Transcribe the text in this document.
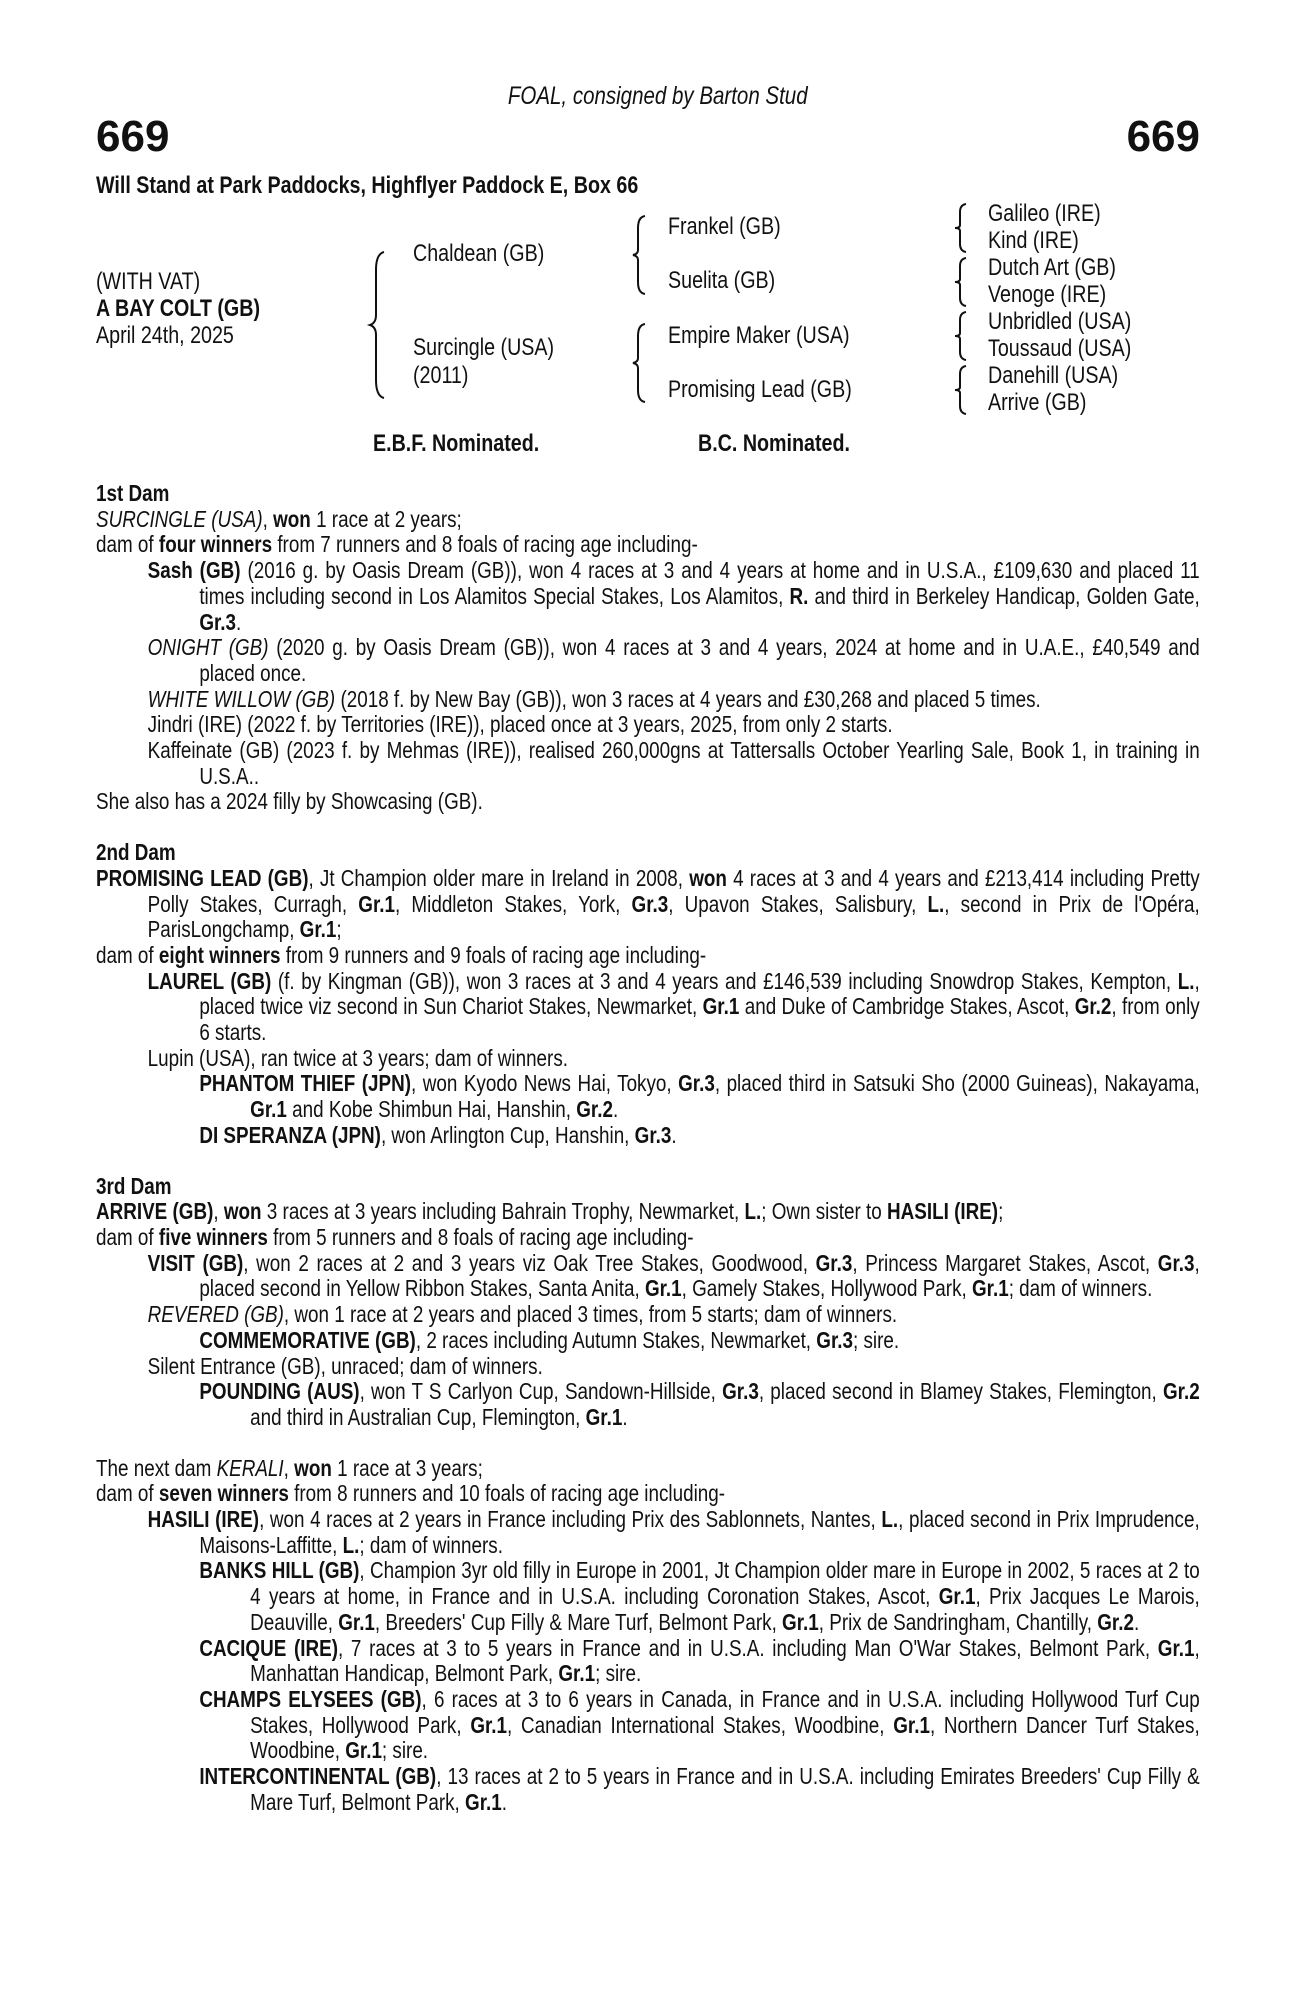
FOAL, consigned by Barton Stud
669	669
Will Stand at Park Paddocks, Highflyer Paddock E, Box 66
(WITH VAT)
A BAY COLT (GB)
April 24th, 2025
Chaldean (GB)
Surcingle (USA)
(2011)
Frankel (GB)
Suelita (GB)
Empire Maker (USA)
Promising Lead (GB)
Galileo (IRE)
Kind (IRE)
Dutch Art (GB)
Venoge (IRE)
Unbridled (USA)
Toussaud (USA)
Danehill (USA)
Arrive (GB)
E.B.F. Nominated.	B.C. Nominated.
1st Dam

SURCINGLE (USA), won 1 race at 2 years;

dam of four winners from 7 runners and 8 foals of racing age including-

Sash (GB) (2016 g. by Oasis Dream (GB)), won 4 races at 3 and 4 years at home and in U.S.A., £109,630 and placed 11 times including second in Los Alamitos Special Stakes, Los Alamitos, R. and third in Berkeley Handicap, Golden Gate, Gr.3.

ONIGHT (GB) (2020 g. by Oasis Dream (GB)), won 4 races at 3 and 4 years, 2024 at home and in U.A.E., £40,549 and placed once.

WHITE WILLOW (GB) (2018 f. by New Bay (GB)), won 3 races at 4 years and £30,268 and placed 5 times.

Jindri (IRE) (2022 f. by Territories (IRE)), placed once at 3 years, 2025, from only 2 starts.

Kaffeinate (GB) (2023 f. by Mehmas (IRE)), realised 260,000gns at Tattersalls October Yearling Sale, Book 1, in training in U.S.A..

She also has a 2024 filly by Showcasing (GB).

2nd Dam

PROMISING LEAD (GB), Jt Champion older mare in Ireland in 2008, won 4 races at 3 and 4 years and £213,414 including Pretty Polly Stakes, Curragh, Gr.1, Middleton Stakes, York, Gr.3, Upavon Stakes, Salisbury, L., second in Prix de l'Opéra, ParisLongchamp, Gr.1;

dam of eight winners from 9 runners and 9 foals of racing age including-

LAUREL (GB) (f. by Kingman (GB)), won 3 races at 3 and 4 years and £146,539 including Snowdrop Stakes, Kempton, L., placed twice viz second in Sun Chariot Stakes, Newmarket, Gr.1 and Duke of Cambridge Stakes, Ascot, Gr.2, from only 6 starts.

Lupin (USA), ran twice at 3 years; dam of winners.

PHANTOM THIEF (JPN), won Kyodo News Hai, Tokyo, Gr.3, placed third in Satsuki Sho (2000 Guineas), Nakayama, Gr.1 and Kobe Shimbun Hai, Hanshin, Gr.2.

DI SPERANZA (JPN), won Arlington Cup, Hanshin, Gr.3.

3rd Dam

ARRIVE (GB), won 3 races at 3 years including Bahrain Trophy, Newmarket, L.; Own sister to HASILI (IRE);

dam of five winners from 5 runners and 8 foals of racing age including-

VISIT (GB), won 2 races at 2 and 3 years viz Oak Tree Stakes, Goodwood, Gr.3, Princess Margaret Stakes, Ascot, Gr.3, placed second in Yellow Ribbon Stakes, Santa Anita, Gr.1, Gamely Stakes, Hollywood Park, Gr.1; dam of winners.

REVERED (GB), won 1 race at 2 years and placed 3 times, from 5 starts; dam of winners.

COMMEMORATIVE (GB), 2 races including Autumn Stakes, Newmarket, Gr.3; sire.

Silent Entrance (GB), unraced; dam of winners.

POUNDING (AUS), won T S Carlyon Cup, Sandown-Hillside, Gr.3, placed second in Blamey Stakes, Flemington, Gr.2 and third in Australian Cup, Flemington, Gr.1.

The next dam KERALI, won 1 race at 3 years;

dam of seven winners from 8 runners and 10 foals of racing age including-

HASILI (IRE), won 4 races at 2 years in France including Prix des Sablonnets, Nantes, L., placed second in Prix Imprudence, Maisons-Laffitte, L.; dam of winners.

BANKS HILL (GB), Champion 3yr old filly in Europe in 2001, Jt Champion older mare in Europe in 2002, 5 races at 2 to 4 years at home, in France and in U.S.A. including Coronation Stakes, Ascot, Gr.1, Prix Jacques Le Marois, Deauville, Gr.1, Breeders' Cup Filly & Mare Turf, Belmont Park, Gr.1, Prix de Sandringham, Chantilly, Gr.2.

CACIQUE (IRE), 7 races at 3 to 5 years in France and in U.S.A. including Man O'War Stakes, Belmont Park, Gr.1, Manhattan Handicap, Belmont Park, Gr.1; sire.

CHAMPS ELYSEES (GB), 6 races at 3 to 6 years in Canada, in France and in U.S.A. including Hollywood Turf Cup Stakes, Hollywood Park, Gr.1, Canadian International Stakes, Woodbine, Gr.1, Northern Dancer Turf Stakes, Woodbine, Gr.1; sire.

INTERCONTINENTAL (GB), 13 races at 2 to 5 years in France and in U.S.A. including Emirates Breeders' Cup Filly & Mare Turf, Belmont Park, Gr.1.
